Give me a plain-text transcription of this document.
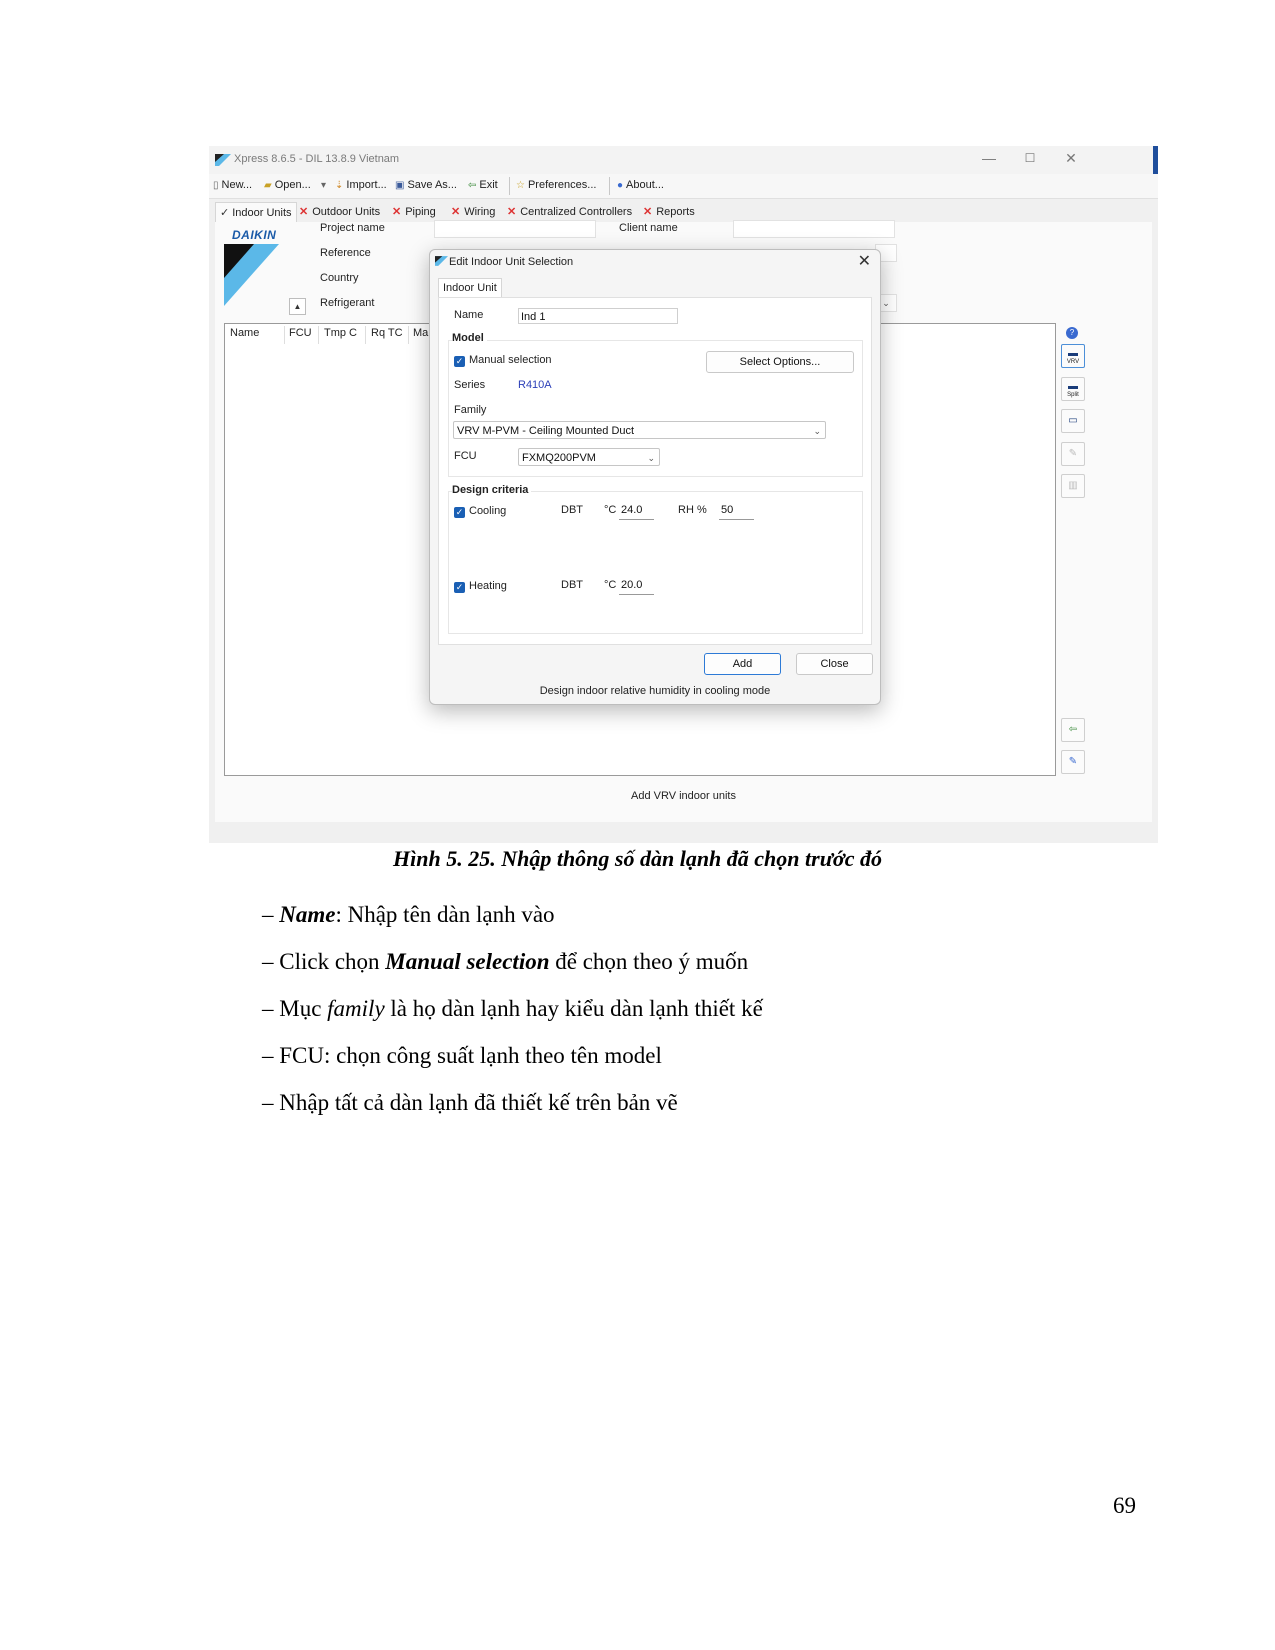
Xpress 8.6.5 - DIL 13.8.9 Vietnam	—	☐	✕
▯ New... ▰ Open... ▾ ⇣ Import... ▣ Save As... ⇦ Exit ☆ Preferences... ● About...
✓ Indoor Units ✕ Outdoor Units	✕ Piping	✕ Wiring	✕ Centralized Controllers ✕ Reports
DAIKIN	Project name
Reference
Country
▲	Refrigerant
Client name
⌄
Name	FCU Tmp C Rq TC Ma	?
▬
VRV
▬
Split
▭
✎
▥
⇦
✎
Add VRV indoor units
Edit Indoor Unit Selection	✕
Indoor Unit
Name	Ind 1
Model
✓ Manual selection	Select Options...
Series	R410A
Family
VRV M-PVM - Ceiling Mounted Duct	⌄
FCU	FXMQ200PVM	⌄
Design criteria
✓ Cooling	DBT °C 24.0	RH % 50
✓ Heating	DBT °C 20.0
Add	Close
Design indoor relative humidity in cooling mode
Hình 5. 25. Nhập thông số dàn lạnh đã chọn trước đó
– Name: Nhập tên dàn lạnh vào
– Click chọn Manual selection để chọn theo ý muốn
– Mục family là họ dàn lạnh hay kiểu dàn lạnh thiết kế
– FCU: chọn công suất lạnh theo tên model
– Nhập tất cả dàn lạnh đã thiết kế trên bản vẽ
69
